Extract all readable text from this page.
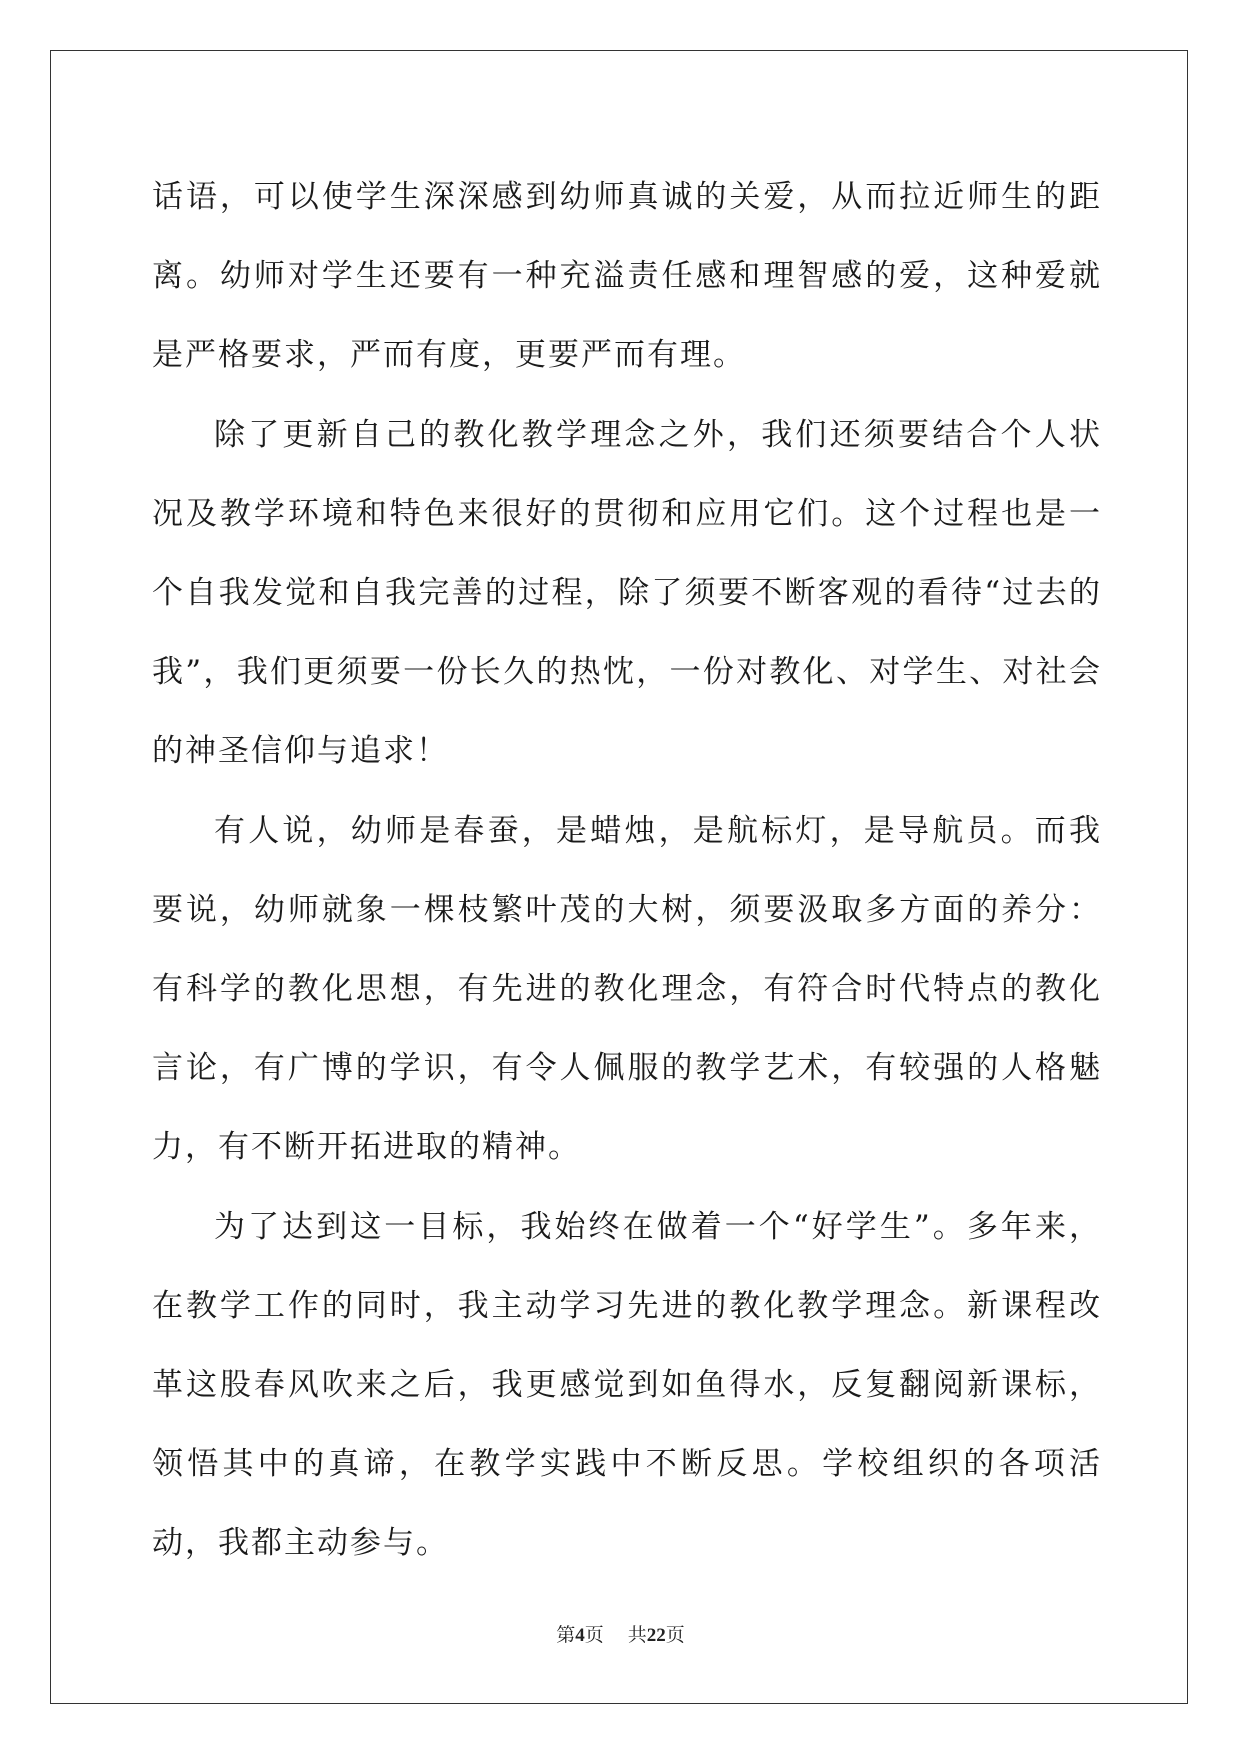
话语，可以使学生深深感到幼师真诚的关爱，从而拉近师生的距离。幼师对学生还要有一种充溢责任感和理智感的爱，这种爱就是严格要求，严而有度，更要严而有理。

除了更新自己的教化教学理念之外，我们还须要结合个人状况及教学环境和特色来很好的贯彻和应用它们。这个过程也是一个自我发觉和自我完善的过程，除了须要不断客观的看待“过去的我”，我们更须要一份长久的热忱，一份对教化、对学生、对社会的神圣信仰与追求！

有人说，幼师是春蚕，是蜡烛，是航标灯，是导航员。而我要说，幼师就象一棵枝繁叶茂的大树，须要汲取多方面的养分：有科学的教化思想，有先进的教化理念，有符合时代特点的教化言论，有广博的学识，有令人佩服的教学艺术，有较强的人格魅力，有不断开拓进取的精神。

为了达到这一目标，我始终在做着一个“好学生”。多年来，在教学工作的同时，我主动学习先进的教化教学理念。新课程改革这股春风吹来之后，我更感觉到如鱼得水，反复翻阅新课标，领悟其中的真谛，在教学实践中不断反思。学校组织的各项活动，我都主动参与。

第4页 共22页
